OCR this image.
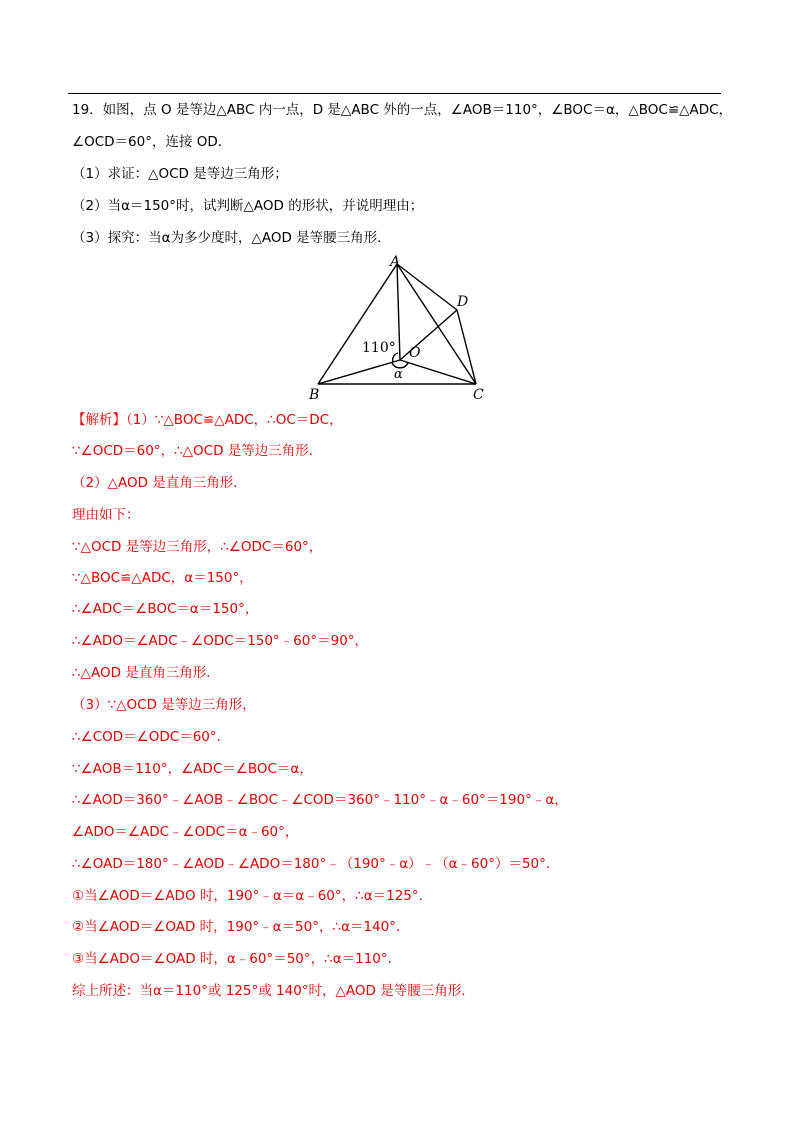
19．如图，点 O 是等边△ABC 内一点，D 是△ABC 外的一点，∠AOB＝110°，∠BOC＝α，△BOC≌△ADC，
∠OCD＝60°，连接 OD．
（1）求证：△OCD 是等边三角形；
（2）当α＝150°时，试判断△AOD 的形状，并说明理由；
（3）探究：当α为多少度时，△AOD 是等腰三角形．
A
B	C
D
O
α
110°
【解析】（1）∵△BOC≌△ADC，∴OC＝DC，
∵∠OCD＝60°，∴△OCD 是等边三角形．
（2）△AOD 是直角三角形．
理由如下：
∵△OCD 是等边三角形，∴∠ODC＝60°，
∵△BOC≌△ADC，α＝150°，
∴∠ADC＝∠BOC＝α＝150°，
∴∠ADO＝∠ADC﹣∠ODC＝150°﹣60°＝90°，
∴△AOD 是直角三角形．
（3）∵△OCD 是等边三角形，
∴∠COD＝∠ODC＝60°．
∵∠AOB＝110°，∠ADC＝∠BOC＝α，
∴∠AOD＝360°﹣∠AOB﹣∠BOC﹣∠COD＝360°﹣110°﹣α﹣60°＝190°﹣α，
∠ADO＝∠ADC﹣∠ODC＝α﹣60°，
∴∠OAD＝180°﹣∠AOD﹣∠ADO＝180°﹣（190°﹣α）﹣（α﹣60°）＝50°．
①当∠AOD＝∠ADO 时，190°﹣α＝α﹣60°，∴α＝125°．
②当∠AOD＝∠OAD 时，190°﹣α＝50°，∴α＝140°．
③当∠ADO＝∠OAD 时，α﹣60°＝50°，∴α＝110°．
综上所述：当α＝110°或 125°或 140°时，△AOD 是等腰三角形．
